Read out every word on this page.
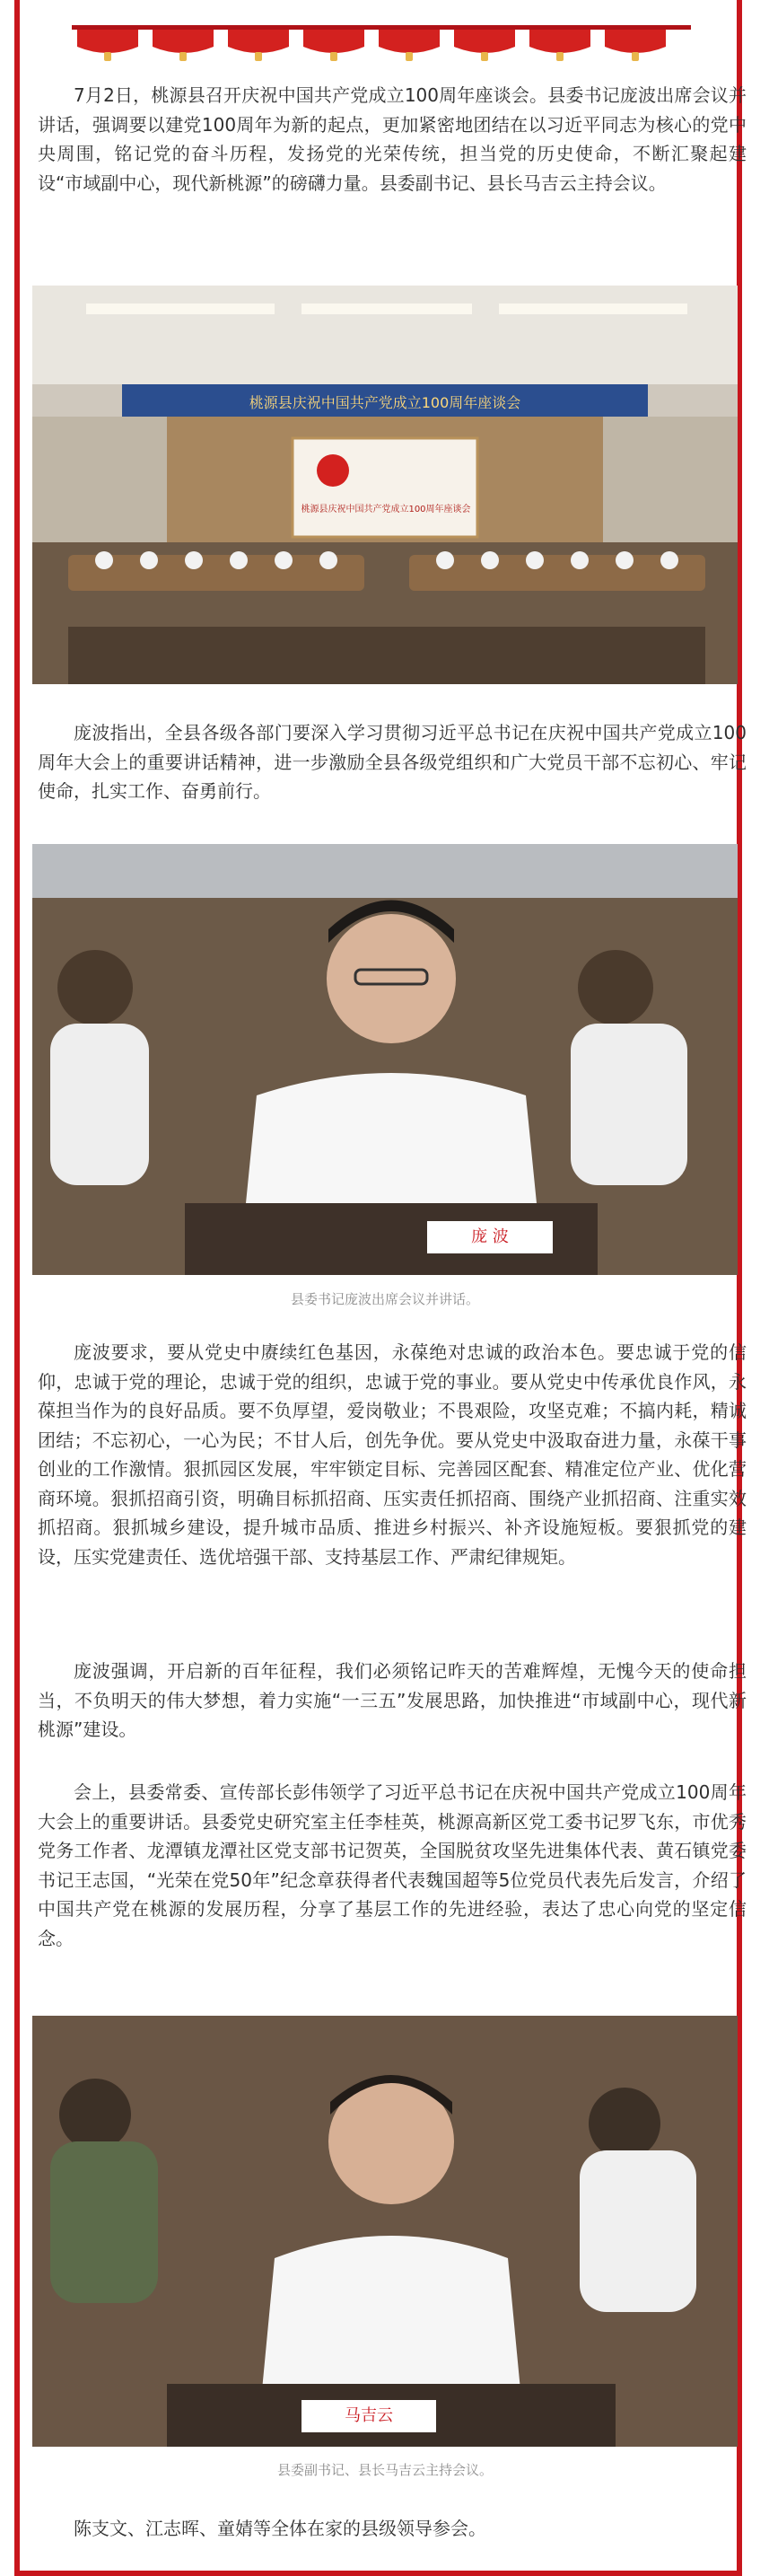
7月2日，桃源县召开庆祝中国共产党成立100周年座谈会。县委书记庞波出席会议并讲话，强调要以建党100周年为新的起点，更加紧密地团结在以习近平同志为核心的党中央周围，铭记党的奋斗历程，发扬党的光荣传统，担当党的历史使命，不断汇聚起建设“市域副中心，现代新桃源”的磅礴力量。县委副书记、县长马吉云主持会议。

桃源县庆祝中国共产党成立100周年座谈会
桃源县庆祝中国共产党成立100周年座谈会

庞波指出，全县各级各部门要深入学习贯彻习近平总书记在庆祝中国共产党成立100周年大会上的重要讲话精神，进一步激励全县各级党组织和广大党员干部不忘初心、牢记使命，扎实工作、奋勇前行。

庞 波

县委书记庞波出席会议并讲话。

庞波要求，要从党史中赓续红色基因，永葆绝对忠诚的政治本色。要忠诚于党的信仰，忠诚于党的理论，忠诚于党的组织，忠诚于党的事业。要从党史中传承优良作风，永葆担当作为的良好品质。要不负厚望，爱岗敬业；不畏艰险，攻坚克难；不搞内耗，精诚团结；不忘初心，一心为民；不甘人后，创先争优。要从党史中汲取奋进力量，永葆干事创业的工作激情。狠抓园区发展，牢牢锁定目标、完善园区配套、精准定位产业、优化营商环境。狠抓招商引资，明确目标抓招商、压实责任抓招商、围绕产业抓招商、注重实效抓招商。狠抓城乡建设，提升城市品质、推进乡村振兴、补齐设施短板。要狠抓党的建设，压实党建责任、选优培强干部、支持基层工作、严肃纪律规矩。

庞波强调，开启新的百年征程，我们必须铭记昨天的苦难辉煌，无愧今天的使命担当，不负明天的伟大梦想，着力实施“一三五”发展思路，加快推进“市域副中心，现代新桃源”建设。

会上，县委常委、宣传部长彭伟领学了习近平总书记在庆祝中国共产党成立100周年大会上的重要讲话。县委党史研究室主任李桂英，桃源高新区党工委书记罗飞东，市优秀党务工作者、龙潭镇龙潭社区党支部书记贺英，全国脱贫攻坚先进集体代表、黄石镇党委书记王志国，“光荣在党50年”纪念章获得者代表魏国超等5位党员代表先后发言，介绍了中国共产党在桃源的发展历程，分享了基层工作的先进经验，表达了忠心向党的坚定信念。

马吉云

县委副书记、县长马吉云主持会议。

陈支文、江志晖、童婧等全体在家的县级领导参会。
